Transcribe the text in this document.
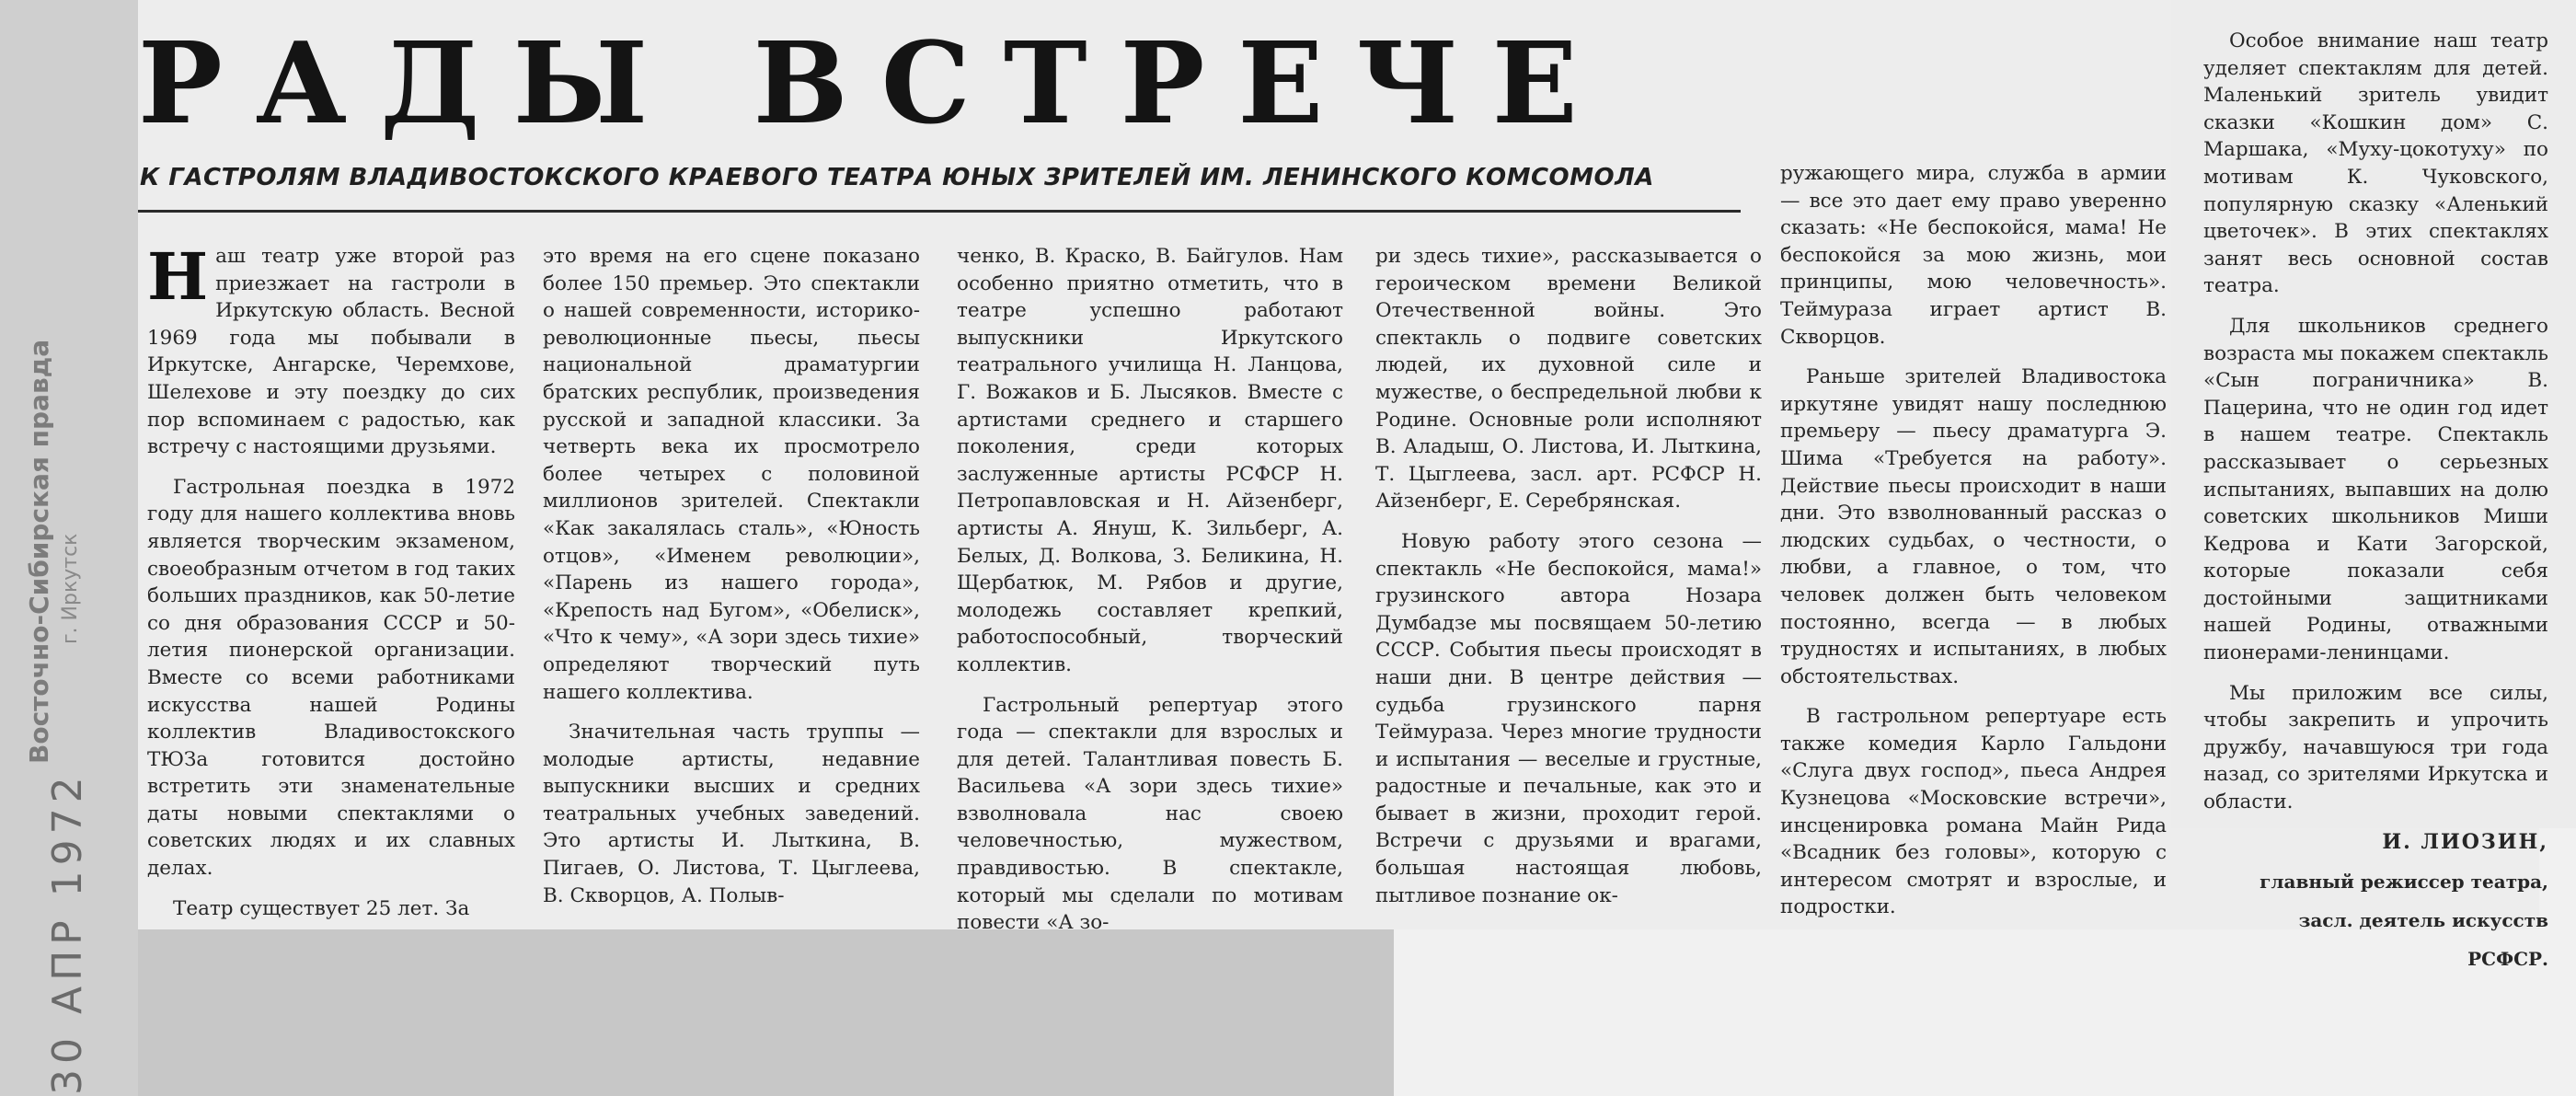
Восточно-Сибирская правда г. Иркутск
30 АПР 1972
РАДЫ ВСТРЕЧЕ
К ГАСТРОЛЯМ ВЛАДИВОСТОКСКОГО КРАЕВОГО ТЕАТРА ЮНЫХ ЗРИТЕЛЕЙ ИМ. ЛЕНИНСКОГО КОМСОМОЛА

Наш театр уже второй раз приезжает на гастроли в Иркутскую область. Весной 1969 года мы побывали в Иркутске, Ангарске, Черемхове, Шелехове и эту поездку до сих пор вспоминаем с радостью, как встречу с настоящими друзьями.

Гастрольная поездка в 1972 году для нашего коллектива вновь является творческим экзаменом, своеобразным отчетом в год таких больших праздников, как 50-летие со дня образования СССР и 50-летия пионерской организации. Вместе со всеми работниками искусства нашей Родины коллектив Владивостокского ТЮЗа готовится достойно встретить эти знаменательные даты новыми спектаклями о советских людях и их славных делах.

Театр существует 25 лет. За

это время на его сцене показано более 150 премьер. Это спектакли о нашей современности, историко-революционные пьесы, пьесы национальной драматургии братских республик, произведения русской и западной классики. За четверть века их просмотрело более четырех с половиной миллионов зрителей. Спектакли «Как закалялась сталь», «Юность отцов», «Именем революции», «Парень из нашего города», «Крепость над Бугом», «Обелиск», «Что к чему», «А зори здесь тихие» определяют творческий путь нашего коллектива.

Значительная часть труппы — молодые артисты, недавние выпускники высших и средних театральных учебных заведений. Это артисты И. Лыткина, В. Пигаев, О. Листова, Т. Цыглеева, В. Скворцов, А. Полыв-

ченко, В. Краско, В. Байгулов. Нам особенно приятно отметить, что в театре успешно работают выпускники Иркутского театрального училища Н. Ланцова, Г. Вожаков и Б. Лысяков. Вместе с артистами среднего и старшего поколения, среди которых заслуженные артисты РСФСР Н. Петропавловская и Н. Айзенберг, артисты А. Януш, К. Зильберг, А. Белых, Д. Волкова, З. Беликина, Н. Щербатюк, М. Рябов и другие, молодежь составляет крепкий, работоспособный, творческий коллектив.

Гастрольный репертуар этого года — спектакли для взрослых и для детей. Талантливая повесть Б. Васильева «А зори здесь тихие» взволновала нас своею человечностью, мужеством, правдивостью. В спектакле, который мы сделали по мотивам повести «А зо-

ри здесь тихие», рассказывается о героическом времени Великой Отечественной войны. Это спектакль о подвиге советских людей, их духовной силе и мужестве, о беспредельной любви к Родине. Основные роли исполняют В. Аладыш, О. Листова, И. Лыткина, Т. Цыглеева, засл. арт. РСФСР Н. Айзенберг, Е. Серебрянская.

Новую работу этого сезона — спектакль «Не беспокойся, мама!» грузинского автора Нозара Думбадзе мы посвящаем 50-летию СССР. События пьесы происходят в наши дни. В центре действия — судьба грузинского парня Теймураза. Через многие трудности и испытания — веселые и грустные, радостные и печальные, как это и бывает в жизни, проходит герой. Встречи с друзьями и врагами, большая настоящая любовь, пытливое познание ок-

ружающего мира, служба в армии — все это дает ему право уверенно сказать: «Не беспокойся, мама! Не беспокойся за мою жизнь, мои принципы, мою человечность». Теймураза играет артист В. Скворцов.

Раньше зрителей Владивостока иркутяне увидят нашу последнюю премьеру — пьесу драматурга Э. Шима «Требуется на работу». Действие пьесы происходит в наши дни. Это взволнованный рассказ о людских судьбах, о честности, о любви, а главное, о том, что человек должен быть человеком постоянно, всегда — в любых трудностях и испытаниях, в любых обстоятельствах.

В гастрольном репертуаре есть также комедия Карло Гальдони «Слуга двух господ», пьеса Андрея Кузнецова «Московские встречи», инсценировка романа Майн Рида «Всадник без головы», которую с интересом смотрят и взрослые, и подростки.

Особое внимание наш театр уделяет спектаклям для детей. Маленький зритель увидит сказки «Кошкин дом» С. Маршака, «Муху-цокотуху» по мотивам К. Чуковского, популярную сказку «Аленький цветочек». В этих спектаклях занят весь основной состав театра.

Для школьников среднего возраста мы покажем спектакль «Сын пограничника» В. Пацерина, что не один год идет в нашем театре. Спектакль рассказывает о серьезных испытаниях, выпавших на долю советских школьников Миши Кедрова и Кати Загорской, которые показали себя достойными защитниками нашей Родины, отважными пионерами-ленинцами.

Мы приложим все силы, чтобы закрепить и упрочить дружбу, начавшуюся три года назад, со зрителями Иркутска и области.

И. ЛИОЗИН,

главный режиссер театра,

засл. деятель искусств

РСФСР.
